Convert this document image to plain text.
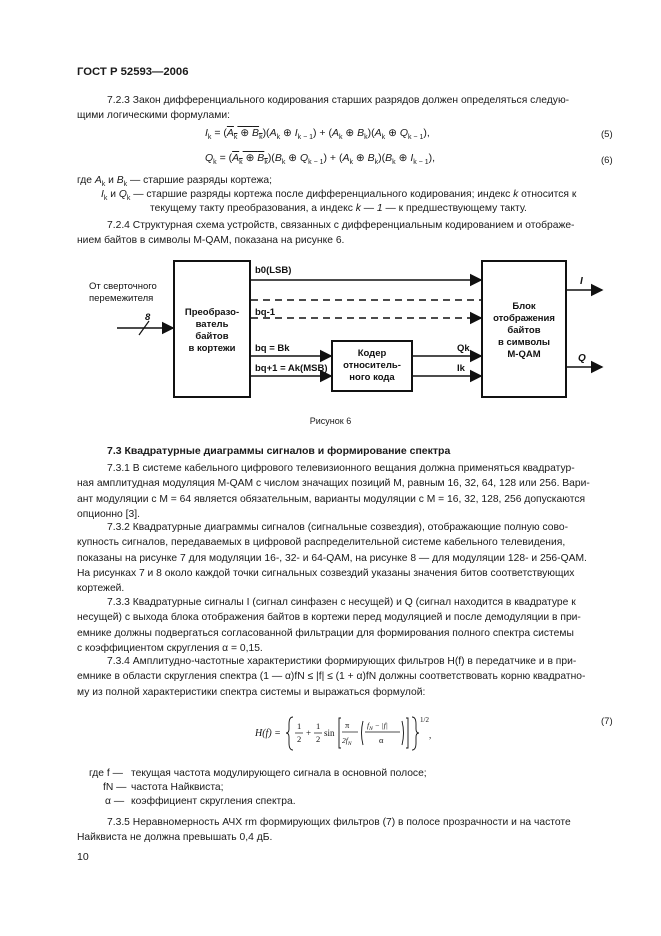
ГОСТ Р 52593—2006
7.2.3 Закон дифференциального кодирования старших разрядов должен определяться следую-
щими логическими формулами:
$I_k = (A_k$ ⊕ $B_k)(A_k$ ⊕ $I_{k - 1}) + (A_k$ ⊕ $B_k)(A_k$ ⊕ $Q_{k - 1}$),	(5)
$Q_k = (A_k$ ⊕ $B_k)(B_k$ ⊕ $Q_{k - 1}) + (A_k$ ⊕ $B_k)(B_k$ ⊕ $I_{k - 1}$),	(6)
где $A_k$ и $B_k$ — старшие разряды кортежа;
$I_k$ и $Q_k$ — старшие разряды кортежа после дифференциального кодирования; индекс k относится к
текущему такту преобразования, а индекс k — 1 — к предшествующему такту.
7.2.4 Структурная схема устройств, связанных с дифференциальным кодированием и отображе-
нием байтов в символы M-QAM, показана на рисунке 6.
От сверточного
перемежителя
8	Преобразо-
ватель
байтов
в кортежи
b0(LSB)
bq-1
bq = Bk
bq+1 = Ak(MSB)
Кодер
относитель-
ного кода
Qk
Ik
Блок
отображения
байтов
в символы
M-QAM
I
Q
Рисунок 6
7.3 Квадратурные диаграммы сигналов и формирование спектра
7.3.1 В системе кабельного цифрового телевизионного вещания должна применяться квадратур-
ная амплитудная модуляция M-QAM с числом значащих позиций M, равным 16, 32, 64, 128 или 256. Вари-
ант модуляции с M = 64 является обязательным, варианты модуляции с M = 16, 32, 128, 256 допускаются
опционно [3].
7.3.2 Квадратурные диаграммы сигналов (сигнальные созвездия), отображающие полную сово-
купность сигналов, передаваемых в цифровой распределительной системе кабельного телевидения,
показаны на рисунке 7 для модуляции 16-, 32- и 64-QAM, на рисунке 8 — для модуляции 128- и 256-QAM.
На рисунках 7 и 8 около каждой точки сигнальных созвездий указаны значения битов соответствующих
кортежей.
7.3.3 Квадратурные сигналы I (сигнал синфазен с несущей) и Q (сигнал находится в квадратуре к
несущей) с выхода блока отображения байтов в кортежи перед модуляцией и после демодуляции в при-
емнике должны подвергаться согласованной фильтрации для формирования полного спектра системы
с коэффициентом скругления α = 0,15.
7.3.4 Амплитудно-частотные характеристики формирующих фильтров H(f) в передатчике и в при-
емнике в области скругления спектра (1 — α)fN ≤ |f| ≤ (1 + α)fN должны соответствовать корню квадратно-
му из полной характеристики спектра системы и выражаться формулой:
H(f) =
1
2
+
1
2
sin
π
$2f_N$
$f_N - |f|$
α
1/2
,
(7)
где f — текущая частота модулирующего сигнала в основной полосе;
fN — частота Найквиста;
α — коэффициент скругления спектра.
7.3.5 Неравномерность АЧХ rm формирующих фильтров (7) в полосе прозрачности и на частоте
Найквиста не должна превышать 0,4 дБ.
10
